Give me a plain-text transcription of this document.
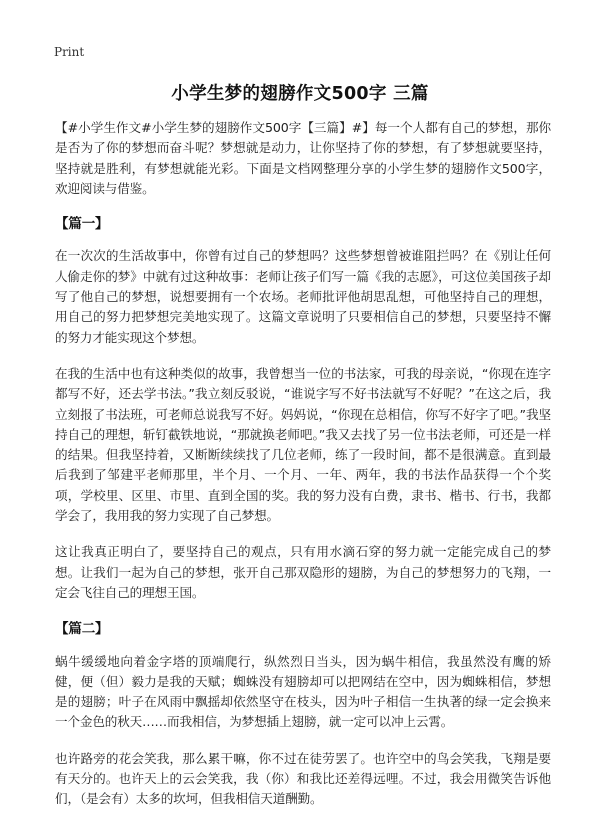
Print
小学生梦的翅膀作文500字 三篇

【#小学生作文#小学生梦的翅膀作文500字【三篇】#】每一个人都有自己的梦想，那你是否为了你的梦想而奋斗呢？梦想就是动力，让你坚持了你的梦想，有了梦想就要坚持，坚持就是胜利，有梦想就能光彩。下面是文档网整理分享的小学生梦的翅膀作文500字，欢迎阅读与借鉴。

【篇一】

在一次次的生活故事中，你曾有过自己的梦想吗？这些梦想曾被谁阻拦吗？在《别让任何人偷走你的梦》中就有过这种故事：老师让孩子们写一篇《我的志愿》，可这位美国孩子却写了他自己的梦想，说想要拥有一个农场。老师批评他胡思乱想，可他坚持自己的理想，用自己的努力把梦想完美地实现了。这篇文章说明了只要相信自己的梦想，只要坚持不懈的努力才能实现这个梦想。

在我的生活中也有这种类似的故事，我曾想当一位的书法家，可我的母亲说，“你现在连字都写不好，还去学书法。”我立刻反驳说，“谁说字写不好书法就写不好呢？”在这之后，我立刻报了书法班，可老师总说我写不好。妈妈说，“你现在总相信，你写不好字了吧。”我坚持自己的理想，斩钉截铁地说，“那就换老师吧。”我又去找了另一位书法老师，可还是一样的结果。但我坚持着，又断断续续找了几位老师，练了一段时间，都不是很满意。直到最后我到了邹建平老师那里，半个月、一个月、一年、两年，我的书法作品获得一个个奖项，学校里、区里、市里、直到全国的奖。我的努力没有白费，隶书、楷书、行书，我都学会了，我用我的努力实现了自己梦想。

这让我真正明白了，要坚持自己的观点，只有用水滴石穿的努力就一定能完成自己的梦想。让我们一起为自己的梦想，张开自己那双隐形的翅膀，为自己的梦想努力的飞翔，一定会飞往自己的理想王国。

【篇二】

蜗牛缓缓地向着金字塔的顶端爬行，纵然烈日当头，因为蜗牛相信，我虽然没有鹰的矫健，便（但）毅力是我的天赋；蜘蛛没有翅膀却可以把网结在空中，因为蜘蛛相信，梦想是的翅膀；叶子在风雨中飘摇却依然坚守在枝头，因为叶子相信一生执著的绿一定会换来一个金色的秋天……而我相信，为梦想插上翅膀，就一定可以冲上云霄。

也许路旁的花会笑我，那么累干嘛，你不过在徒劳罢了。也许空中的鸟会笑我，飞翔是要有天分的。也许天上的云会笑我，我（你）和我比还差得远哩。不过，我会用微笑告诉他们，（是会有）太多的坎坷，但我相信天道酬勤。
